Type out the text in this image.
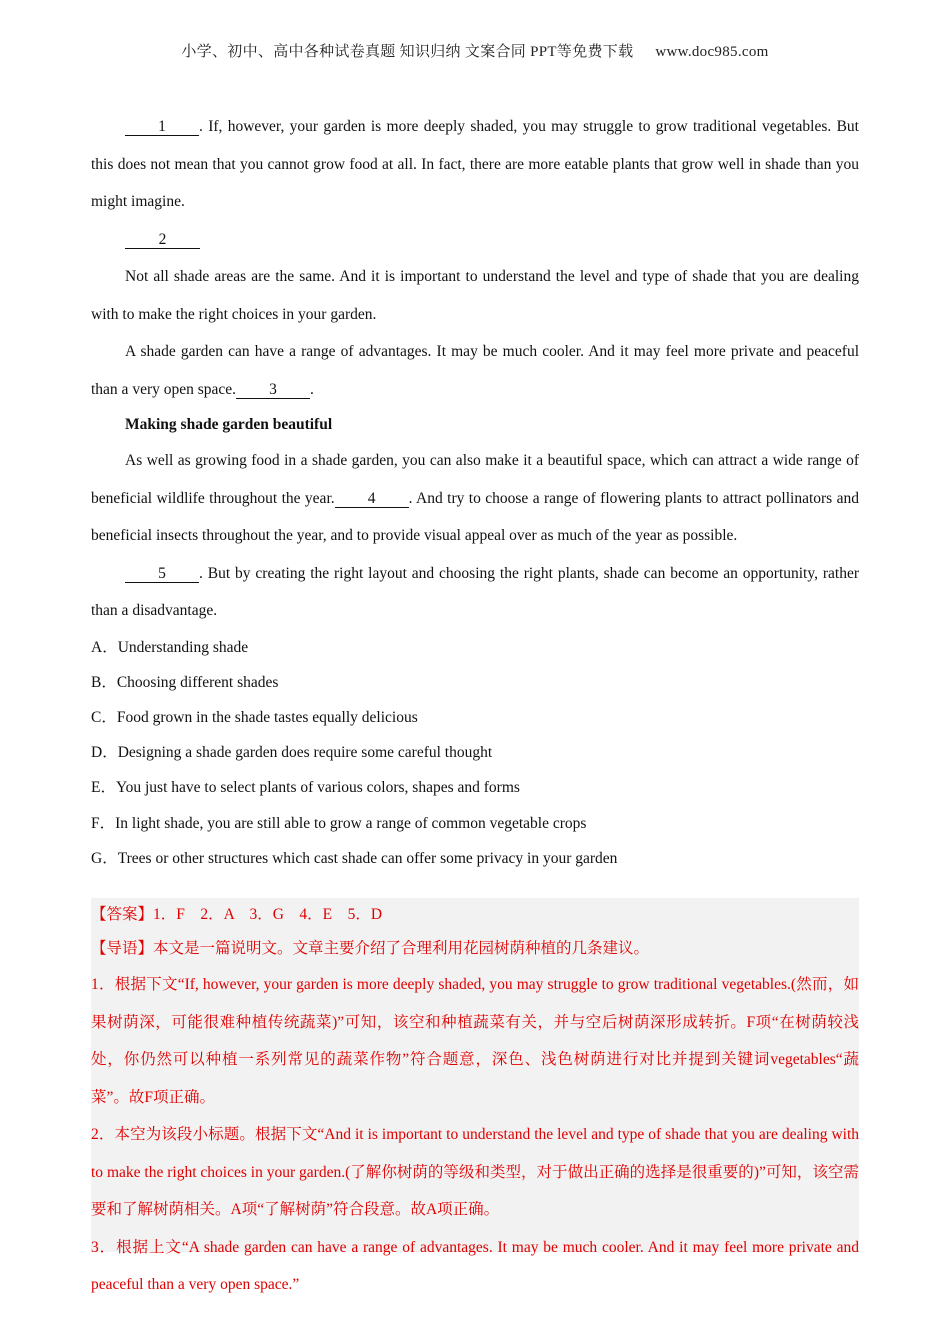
小学、初中、高中各种试卷真题 知识归纳 文案合同 PPT等免费下载 www.doc985.com

1 . If, however, your garden is more deeply shaded, you may struggle to grow traditional vegetables. But this does not mean that you cannot grow food at all. In fact, there are more eatable plants that grow well in shade than you might imagine.

2

Not all shade areas are the same. And it is important to understand the level and type of shade that you are dealing with to make the right choices in your garden.

A shade garden can have a range of advantages. It may be much cooler. And it may feel more private and peaceful than a very open space. 3 .

Making shade garden beautiful

As well as growing food in a shade garden, you can also make it a beautiful space, which can attract a wide range of beneficial wildlife throughout the year. 4 . And try to choose a range of flowering plants to attract pollinators and beneficial insects throughout the year, and to provide visual appeal over as much of the year as possible.

5 . But by creating the right layout and choosing the right plants, shade can become an opportunity, rather than a disadvantage.

A．Understanding shade

B．Choosing different shades

C．Food grown in the shade tastes equally delicious

D．Designing a shade garden does require some careful thought

E．You just have to select plants of various colors, shapes and forms

F．In light shade, you are still able to grow a range of common vegetable crops

G．Trees or other structures which cast shade can offer some privacy in your garden

【答案】1．F    2．A    3．G    4．E    5．D

【导语】本文是一篇说明文。文章主要介绍了合理利用花园树荫种植的几条建议。

1．根据下文“If, however, your garden is more deeply shaded, you may struggle to grow traditional vegetables.(然而，如果树荫深，可能很难种植传统蔬菜)”可知，该空和种植蔬菜有关，并与空后树荫深形成转折。F项“在树荫较浅处，你仍然可以种植一系列常见的蔬菜作物”符合题意，深色、浅色树荫进行对比并提到关键词vegetables“蔬菜”。故F项正确。

2．本空为该段小标题。根据下文“And it is important to understand the level and type of shade that you are dealing with to make the right choices in your garden.(了解你树荫的等级和类型，对于做出正确的选择是很重要的)”可知，该空需要和了解树荫相关。A项“了解树荫”符合段意。故A项正确。

3．根据上文“A shade garden can have a range of advantages. It may be much cooler. And it may feel more private and peaceful than a very open space.”
